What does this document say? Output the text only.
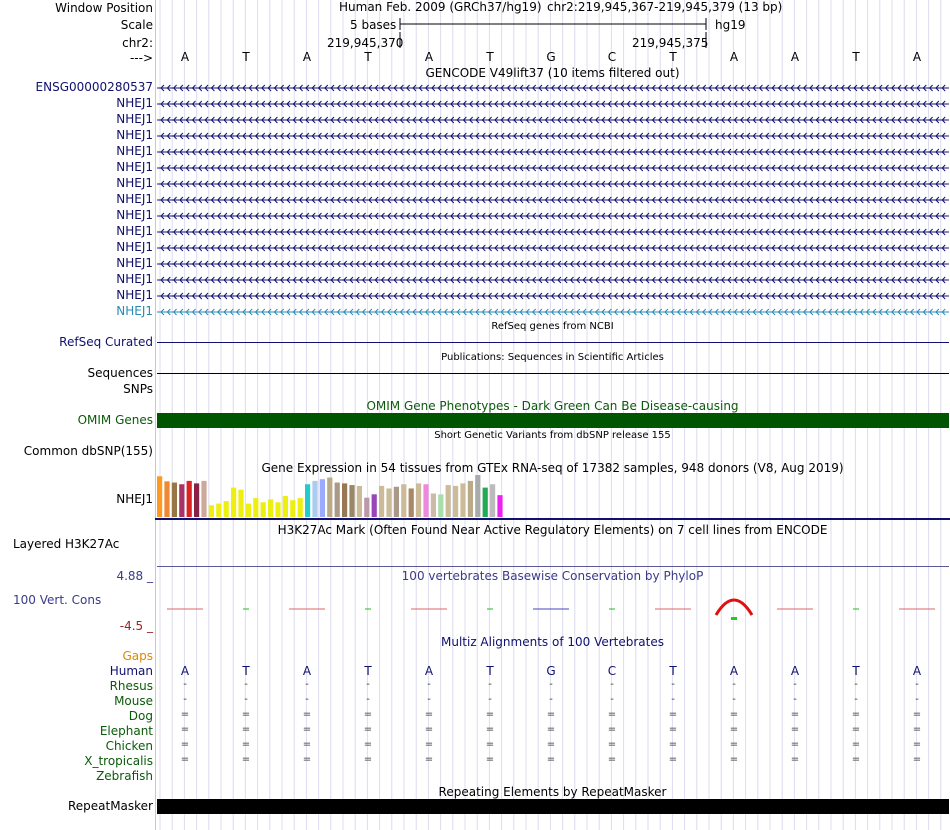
Window Position
Scale
chr2:
--->
Human Feb. 2009 (GRCh37/hg19) chr2:219,945,367-219,945,379 (13 bp)
5 bases	hg19
219,945,370	219,945,375
A	T	A	T	A	T	G	C	T	A	A	T	A
GENCODE V49lift37 (10 items filtered out)
ENSG00000280537
NHEJ1
NHEJ1
NHEJ1
NHEJ1
NHEJ1
NHEJ1
NHEJ1
NHEJ1
NHEJ1
NHEJ1
NHEJ1
NHEJ1
NHEJ1
NHEJ1
RefSeq genes from NCBI
RefSeq Curated
Publications: Sequences in Scientific Articles
Sequences
SNPs
OMIM Gene Phenotypes - Dark Green Can Be Disease-causing
OMIM Genes
Short Genetic Variants from dbSNP release 155
Common dbSNP(155)
Gene Expression in 54 tissues from GTEx RNA-seq of 17382 samples, 948 donors (V8, Aug 2019)
NHEJ1
H3K27Ac Mark (Often Found Near Active Regulatory Elements) on 7 cell lines from ENCODE
Layered H3K27Ac
100 vertebrates Basewise Conservation by PhyloP
4.88 _
100 Vert. Cons
-4.5 _
Multiz Alignments of 100 Vertebrates
Gaps
Human	A	T	A	T	A	T	G	C	T	A	A	T	A
Rhesus	-	-	-	-	-	-	-	-	-	-	-	-	-
Mouse	-	-	-	-	-	-	-	-	-	-	-	-	-
Dog	=	=	=	=	=	=	=	=	=	=	=	=	=
Elephant	=	=	=	=	=	=	=	=	=	=	=	=	=
Chicken	=	=	=	=	=	=	=	=	=	=	=	=	=
X_tropicalis	=	=	=	=	=	=	=	=	=	=	=	=	=
Zebrafish
Repeating Elements by RepeatMasker
RepeatMasker
